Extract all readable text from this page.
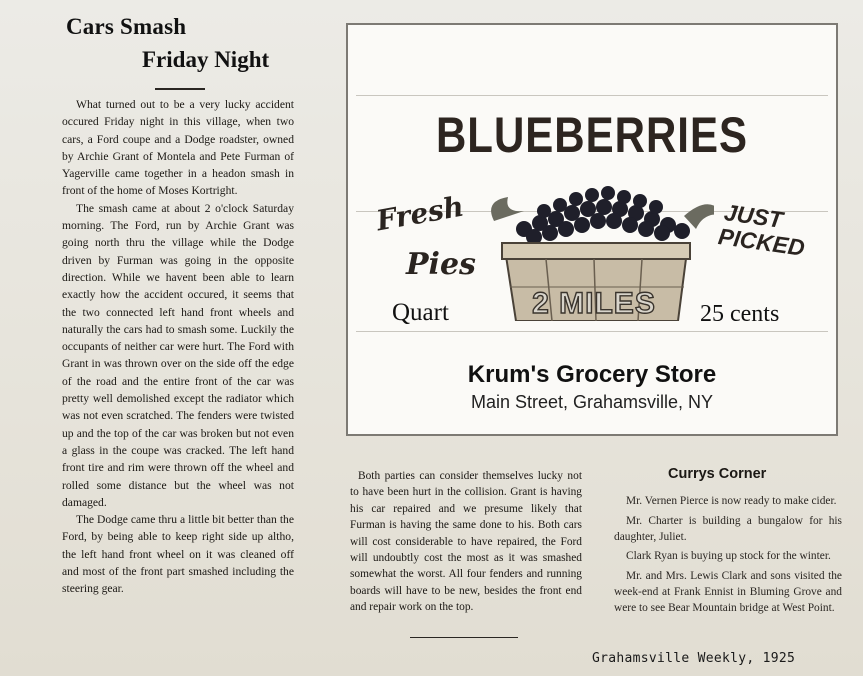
Cars Smash
Friday Night

What turned out to be a very lucky accident occured Friday night in this village, when two cars, a Ford coupe and a Dodge roadster, owned by Archie Grant of Montela and Pete Furman of Yagerville came together in a headon smash in front of the home of Moses Kortright.

The smash came at about 2 o'clock Saturday morning. The Ford, run by Archie Grant was going north thru the village while the Dodge driven by Furman was going in the opposite direction. While we havent been able to learn exactly how the accident occured, it seems that the two connected left hand front wheels and naturally the cars had to smash some. Luckily the occupants of neither car were hurt. The Ford with Grant in was thrown over on the side off the edge of the road and the entire front of the car was pretty well demolished except the radiator which was not even scratched. The fenders were twisted up and the top of the car was broken but not even a glass in the coupe was cracked. The left hand front tire and rim were thrown off the wheel and rolled some distance but the wheel was not damaged.

The Dodge came thru a little bit better than the Ford, by being able to keep right side up altho, the left hand front wheel on it was cleaned off and most of the front part smashed including the steering gear.

BLUEBERRIES
Fresh
Pies
JUST
PICKED
Quart	2 MILES	25 cents
Krum's Grocery Store
Main Street, Grahamsville, NY

Both parties can consider themselves lucky not to have been hurt in the collision. Grant is having his car repaired and we presume likely that Furman is having the same done to his. Both cars will cost considerable to have repaired, the Ford will undoubtly cost the most as it was smashed somewhat the worst. All four fenders and running boards will have to be new, besides the front end and repair work on the top.

Currys Corner

Mr. Vernen Pierce is now ready to make cider.

Mr. Charter is building a bungalow for his daughter, Juliet.

Clark Ryan is buying up stock for the winter.

Mr. and Mrs. Lewis Clark and sons visited the week-end at Frank Ennist in Bluming Grove and were to see Bear Mountain bridge at West Point.

Grahamsville Weekly, 1925
